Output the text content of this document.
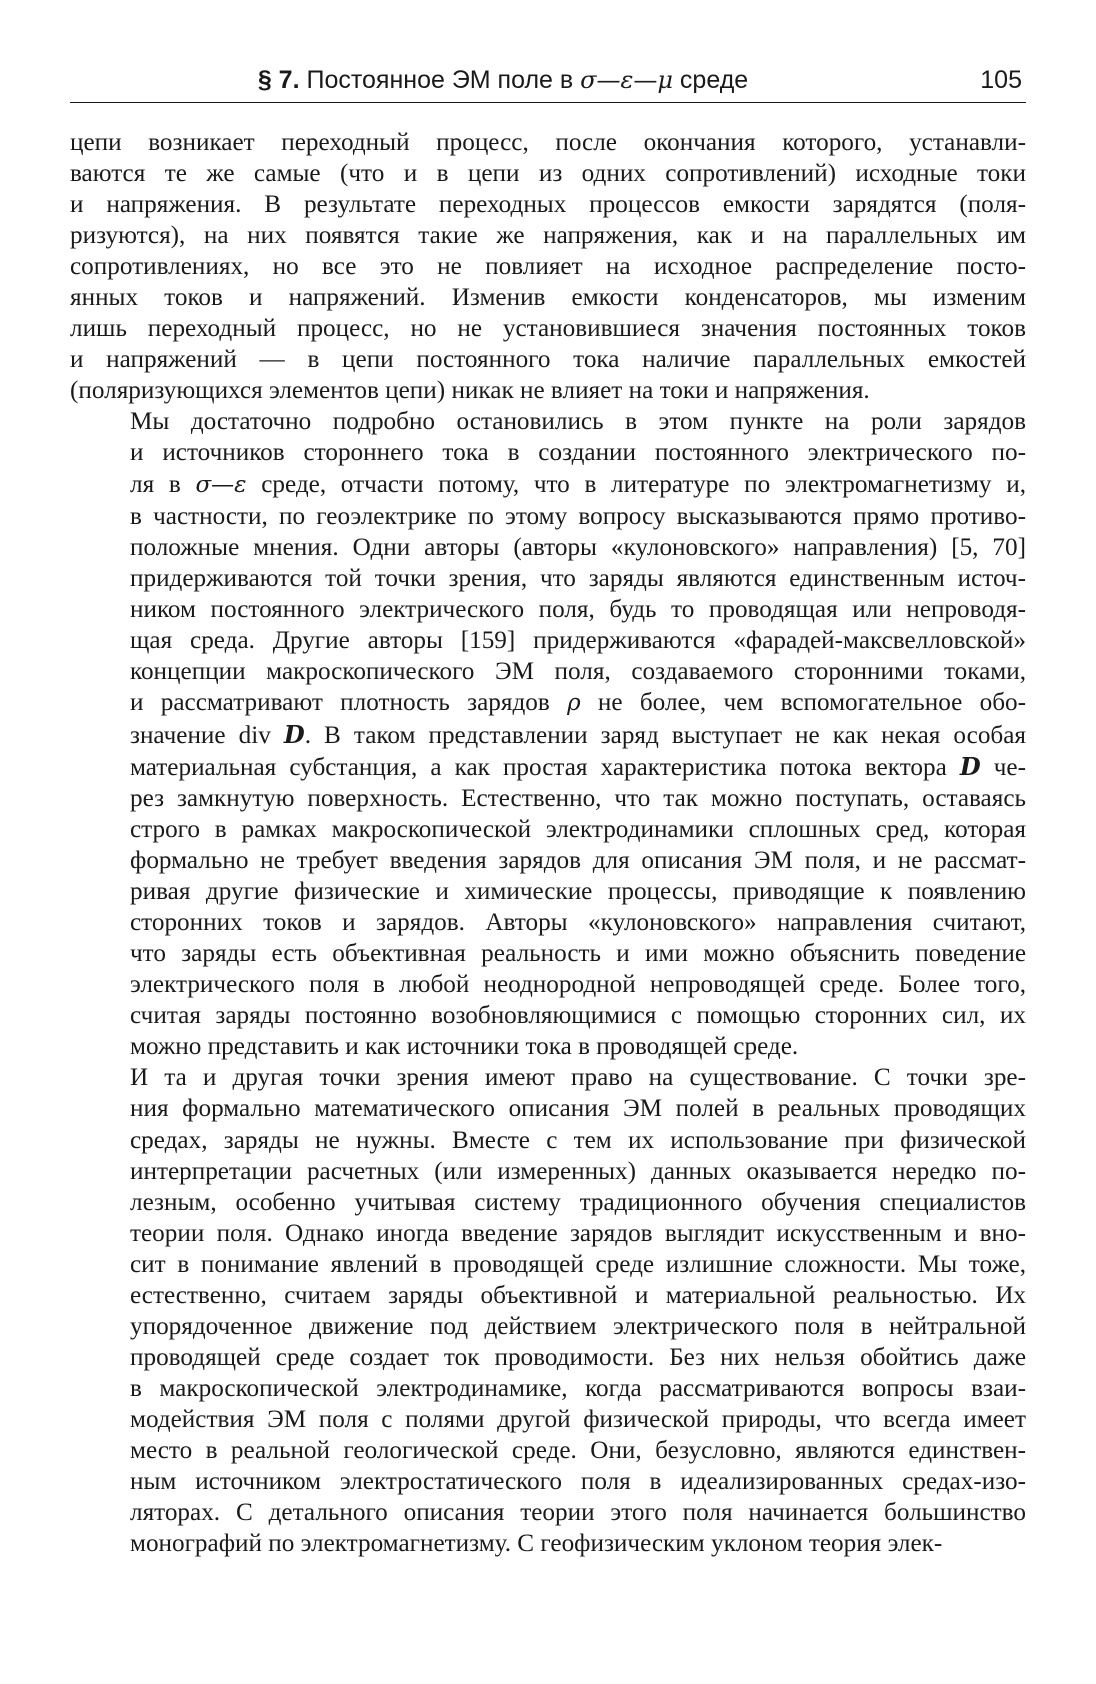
§ 7. Постоянное ЭМ поле в σ—ε—μ среде	105

цепи возникает переходный процесс, после окончания которого, устанавли-
ваются те же самые (что и в цепи из одних сопротивлений) исходные токи
и напряжения. В результате переходных процессов емкости зарядятся (поля-
ризуются), на них появятся такие же напряжения, как и на параллельных им
сопротивлениях, но все это не повлияет на исходное распределение посто-
янных токов и напряжений. Изменив емкости конденсаторов, мы изменим
лишь переходный процесс, но не установившиеся значения постоянных токов
и напряжений — в цепи постоянного тока наличие параллельных емкостей
(поляризующихся элементов цепи) никак не влияет на токи и напряжения.

Мы достаточно подробно остановились в этом пункте на роли зарядов
и источников стороннего тока в создании постоянного электрического по-
ля в σ—ε среде, отчасти потому, что в литературе по электромагнетизму и,
в частности, по геоэлектрике по этому вопросу высказываются прямо противо-
положные мнения. Одни авторы (авторы «кулоновского» направления) [5, 70]
придерживаются той точки зрения, что заряды являются единственным источ-
ником постоянного электрического поля, будь то проводящая или непроводя-
щая среда. Другие авторы [159] придерживаются «фарадей-максвелловской»
концепции макроскопического ЭМ поля, создаваемого сторонними токами,
и рассматривают плотность зарядов ρ не более, чем вспомогательное обо-
значение div D. В таком представлении заряд выступает не как некая особая
материальная субстанция, а как простая характеристика потока вектора D че-
рез замкнутую поверхность. Естественно, что так можно поступать, оставаясь
строго в рамках макроскопической электродинамики сплошных сред, которая
формально не требует введения зарядов для описания ЭМ поля, и не рассмат-
ривая другие физические и химические процессы, приводящие к появлению
сторонних токов и зарядов. Авторы «кулоновского» направления считают,
что заряды есть объективная реальность и ими можно объяснить поведение
электрического поля в любой неоднородной непроводящей среде. Более того,
считая заряды постоянно возобновляющимися с помощью сторонних сил, их
можно представить и как источники тока в проводящей среде.

И та и другая точки зрения имеют право на существование. С точки зре-
ния формально математического описания ЭМ полей в реальных проводящих
средах, заряды не нужны. Вместе с тем их использование при физической
интерпретации расчетных (или измеренных) данных оказывается нередко по-
лезным, особенно учитывая систему традиционного обучения специалистов
теории поля. Однако иногда введение зарядов выглядит искусственным и вно-
сит в понимание явлений в проводящей среде излишние сложности. Мы тоже,
естественно, считаем заряды объективной и материальной реальностью. Их
упорядоченное движение под действием электрического поля в нейтральной
проводящей среде создает ток проводимости. Без них нельзя обойтись даже
в макроскопической электродинамике, когда рассматриваются вопросы взаи-
модействия ЭМ поля с полями другой физической природы, что всегда имеет
место в реальной геологической среде. Они, безусловно, являются единствен-
ным источником электростатического поля в идеализированных средах-изо-
ляторах. С детального описания теории этого поля начинается большинство
монографий по электромагнетизму. С геофизическим уклоном теория элек-
